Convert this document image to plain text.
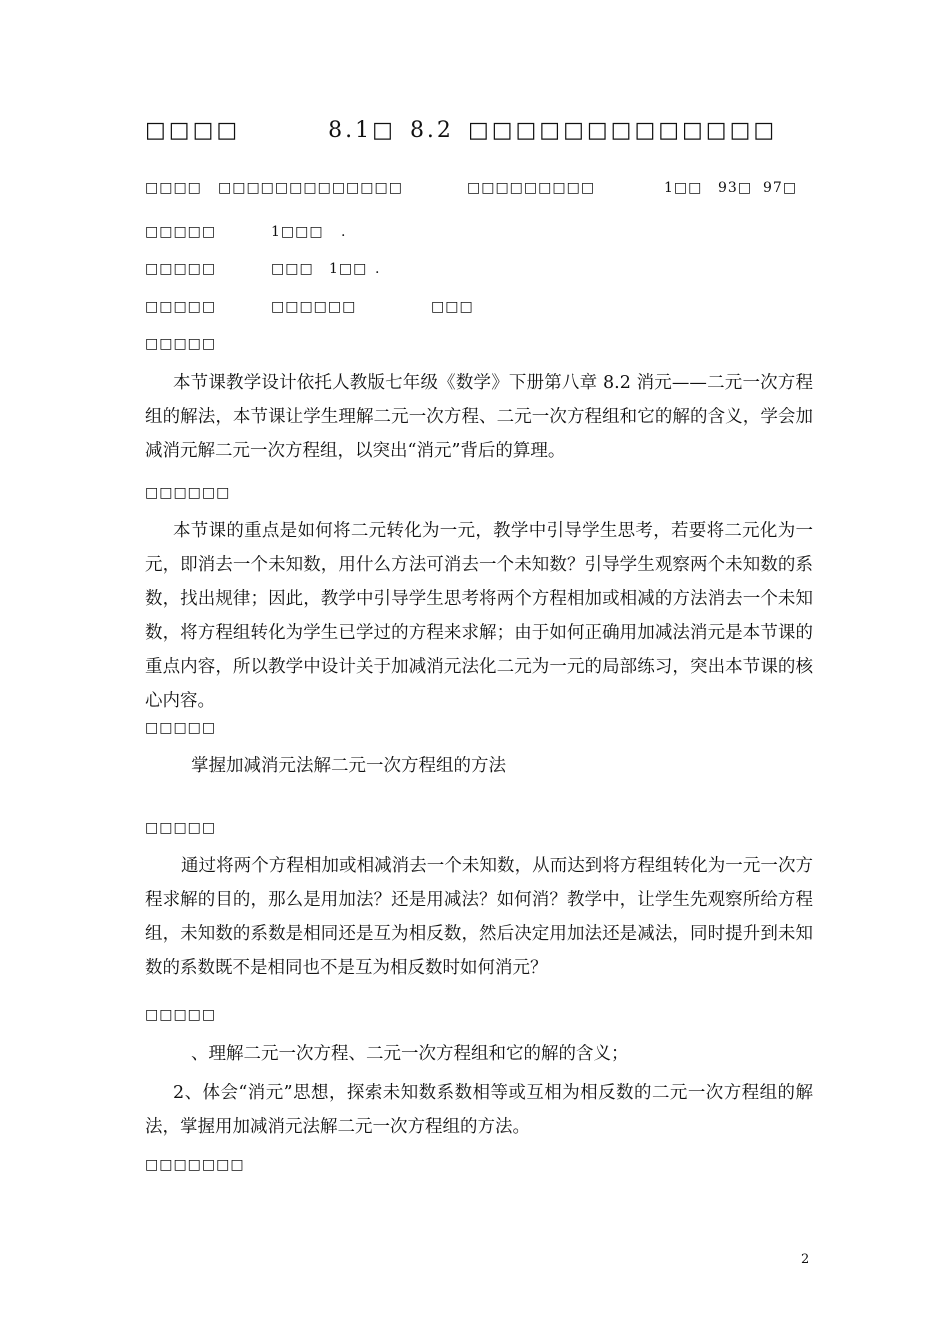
□□□□	8.1□ 8.2 □□□□□□□□□□□□□
□□□□ □□□□□□□□□□□□□	□□□□□□□□□	1□□ 93□ 97□
□□□□□	1□□□ .
□□□□□	□□□ 1□□ .
□□□□□	□□□□□□	□□□
□□□□□
本节课教学设计依托人教版七年级《数学》下册第八章 8.2 消元——二元一次方程组的解法，本节课让学生理解二元一次方程、二元一次方程组和它的解的含义，学会加减消元解二元一次方程组，以突出“消元”背后的算理。
□□□□□□
本节课的重点是如何将二元转化为一元，教学中引导学生思考，若要将二元化为一元，即消去一个未知数，用什么方法可消去一个未知数？引导学生观察两个未知数的系数，找出规律；因此，教学中引导学生思考将两个方程相加或相减的方法消去一个未知数，将方程组转化为学生已学过的方程来求解；由于如何正确用加减法消元是本节课的重点内容，所以教学中设计关于加减消元法化二元为一元的局部练习，突出本节课的核心内容。
□□□□□
掌握加减消元法解二元一次方程组的方法
□□□□□
通过将两个方程相加或相减消去一个未知数，从而达到将方程组转化为一元一次方程求解的目的，那么是用加法？还是用减法？如何消？教学中，让学生先观察所给方程组，未知数的系数是相同还是互为相反数，然后决定用加法还是减法，同时提升到未知数的系数既不是相同也不是互为相反数时如何消元？
□□□□□
、理解二元一次方程、二元一次方程组和它的解的含义；
2、体会“消元”思想，探索未知数系数相等或互相为相反数的二元一次方程组的解法，掌握用加减消元法解二元一次方程组的方法。
□□□□□□□
2
